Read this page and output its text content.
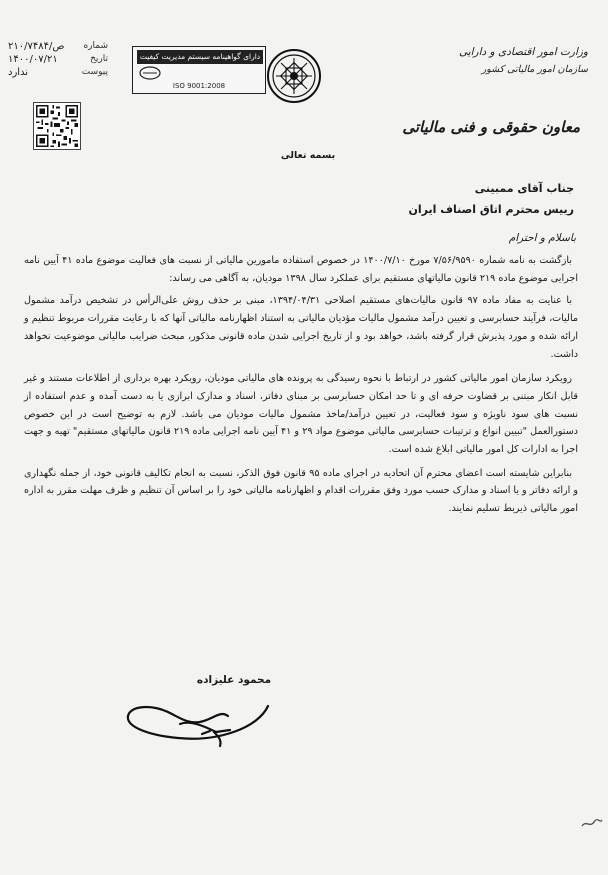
شماره
۲۱۰/۷۴۸۴/ص
تاریخ
۱۴۰۰/۰۷/۲۱
پیوست
ندارد
دارای گواهینامه سیستم مدیریت کیفیت
ISO 9001:2008
وزارت امور اقتصادی و دارایی
سازمان امور مالیاتی کشور
معاون حقوقی و فنی مالیاتی
بسمه تعالی
جناب آقای ممبینی
رییس محترم اتاق اصناف ایران
باسلام و احترام

بازگشت به نامه شماره ۷/۵۶/۹۵۹۰ مورخ ۱۴۰۰/۷/۱۰ در خصوص استفاده مامورین مالیاتی از نسبت های فعالیت موضوع ماده ۴۱ آیین نامه اجرایی موضوع ماده ۲۱۹ قانون مالیاتهای مستقیم برای عملکرد سال ۱۳۹۸ مودیان، به آگاهی می رساند:

با عنایت به مفاد ماده ۹۷ قانون مالیات‌های مستقیم اصلاحی ۱۳۹۴/۰۴/۳۱، مبنی بر حذف روش علی‌الرأس در تشخیص درآمد مشمول مالیات، فرآیند حسابرسی و تعیین درآمد مشمول مالیات مؤدیان مالیاتی به استناد اظهارنامه مالیاتی آنها که با رعایت مقررات مربوط تنظیم و ارائه شده و مورد پذیرش قرار گرفته باشد، خواهد بود و از تاریخ اجرایی شدن ماده قانونی مذکور، مبحث ضرایب مالیاتی موضوعیت نخواهد داشت.

رویکرد سازمان امور مالیاتی کشور در ارتباط با نحوه رسیدگی به پرونده های مالیاتی مودیان، رویکرد بهره برداری از اطلاعات مستند و غیر قابل انکار مبتنی بر قضاوت حرفه ای و تا حد امکان حسابرسی بر مبنای دفاتر، اسناد و مدارک ابرازی یا به دست آمده و عدم استفاده از نسبت های سود ناویژه و سود فعالیت، در تعیین درآمد/ماخذ مشمول مالیات مودیان می باشد. لازم به توضیح است در این خصوص دستورالعمل "تبیین انواع و ترتیبات حسابرسی مالیاتی موضوع مواد ۲۹ و ۴۱ آیین نامه اجرایی ماده ۲۱۹ قانون مالیاتهای مستقیم" تهیه و جهت اجرا به ادارات کل امور مالیاتی ابلاغ شده است.

بنابراین شایسته است اعضای محترم آن اتحادیه در اجرای ماده ۹۵ قانون فوق الذکر، نسبت به انجام تکالیف قانونی خود، از جمله نگهداری و ارائه دفاتر و یا اسناد و مدارک حسب مورد وفق مقررات اقدام و اظهارنامه مالیاتی خود را بر اساس آن تنظیم و ظرف مهلت مقرر به اداره امور مالیاتی ذیربط تسلیم نمایند.

محمود علیزاده
